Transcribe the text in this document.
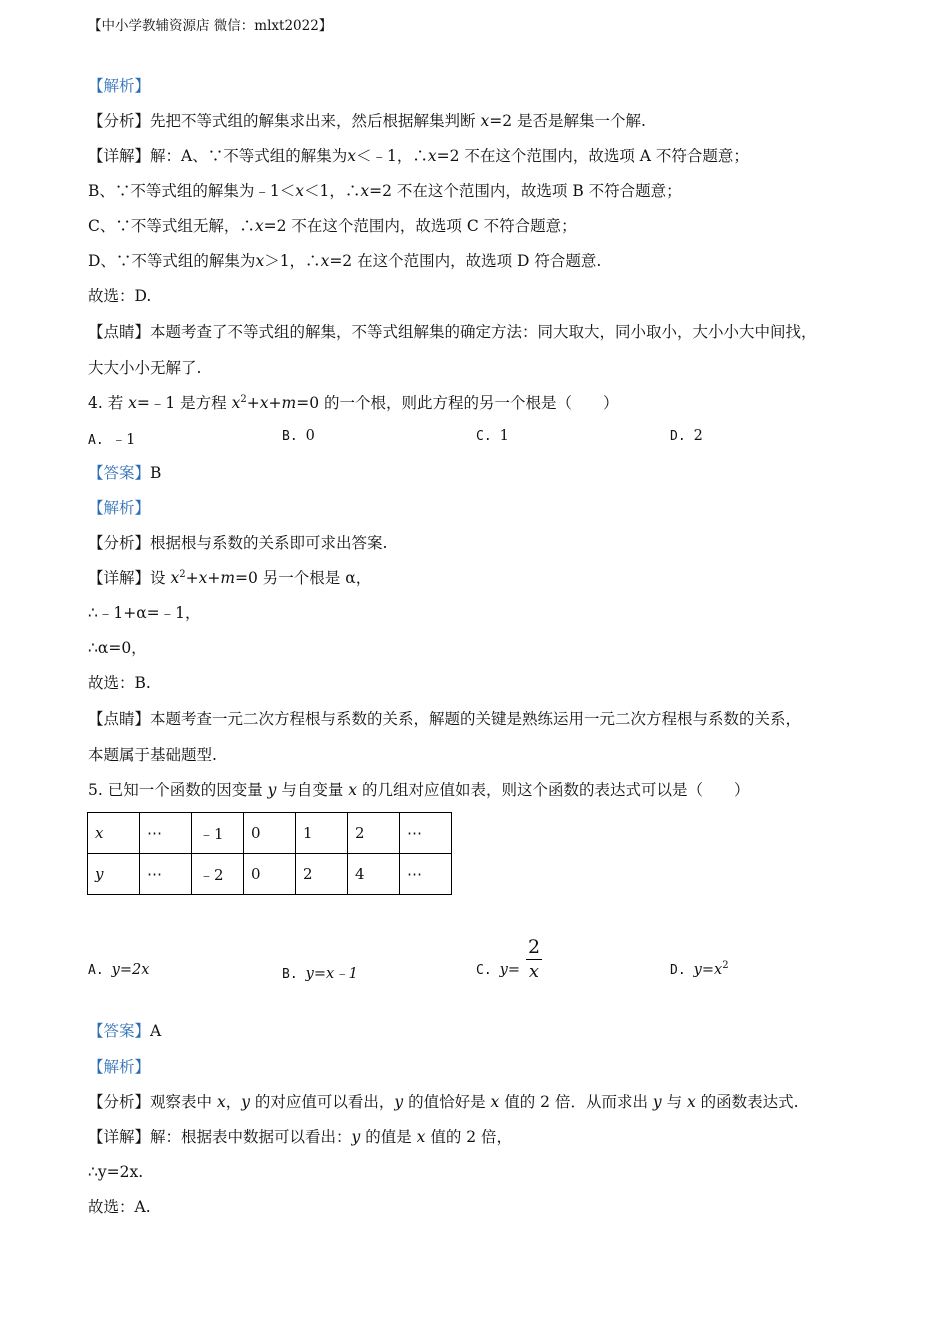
【中小学教辅资源店 微信：mlxt2022】
【解析】
【分析】先把不等式组的解集求出来，然后根据解集判断 x=2 是否是解集一个解.
【详解】解：A、∵不等式组的解集为x＜﹣1，∴x=2 不在这个范围内，故选项 A 不符合题意；
B、∵不等式组的解集为﹣1＜x＜1，∴x=2 不在这个范围内，故选项 B 不符合题意；
C、∵不等式组无解，∴x=2 不在这个范围内，故选项 C 不符合题意；
D、∵不等式组的解集为x＞1，∴x=2 在这个范围内，故选项 D 符合题意.
故选：D.
【点睛】本题考查了不等式组的解集，不等式组解集的确定方法：同大取大，同小取小，大小小大中间找，
大大小小无解了.
4. 若 x=﹣1 是方程 $x^2+x+m=0$ 的一个根，则此方程的另一个根是（　　）
A. ﹣1	B. 0	C. 1	D. 2
【答案】B
【解析】
【分析】根据根与系数的关系即可求出答案.
【详解】设 $x^2+x+m=0$ 另一个根是 α，
∴﹣1+α=﹣1，
∴α=0，
故选：B.
【点睛】本题考查一元二次方程根与系数的关系，解题的关键是熟练运用一元二次方程根与系数的关系，
本题属于基础题型.
5. 已知一个函数的因变量 y 与自变量 x 的几组对应值如表，则这个函数的表达式可以是（　　）
x	⋯	﹣1	0	1	2	⋯
y	⋯	﹣2	0	2	4	⋯
A. y=2x	B. y=x﹣1	C. y=
2
x	D. $y=x^2$
【答案】A
【解析】
【分析】观察表中 x，y 的对应值可以看出，y 的值恰好是 x 值的 2 倍．从而求出 y 与 x 的函数表达式.
【详解】解：根据表中数据可以看出：y 的值是 x 值的 2 倍，
∴y=2x.
故选：A.
